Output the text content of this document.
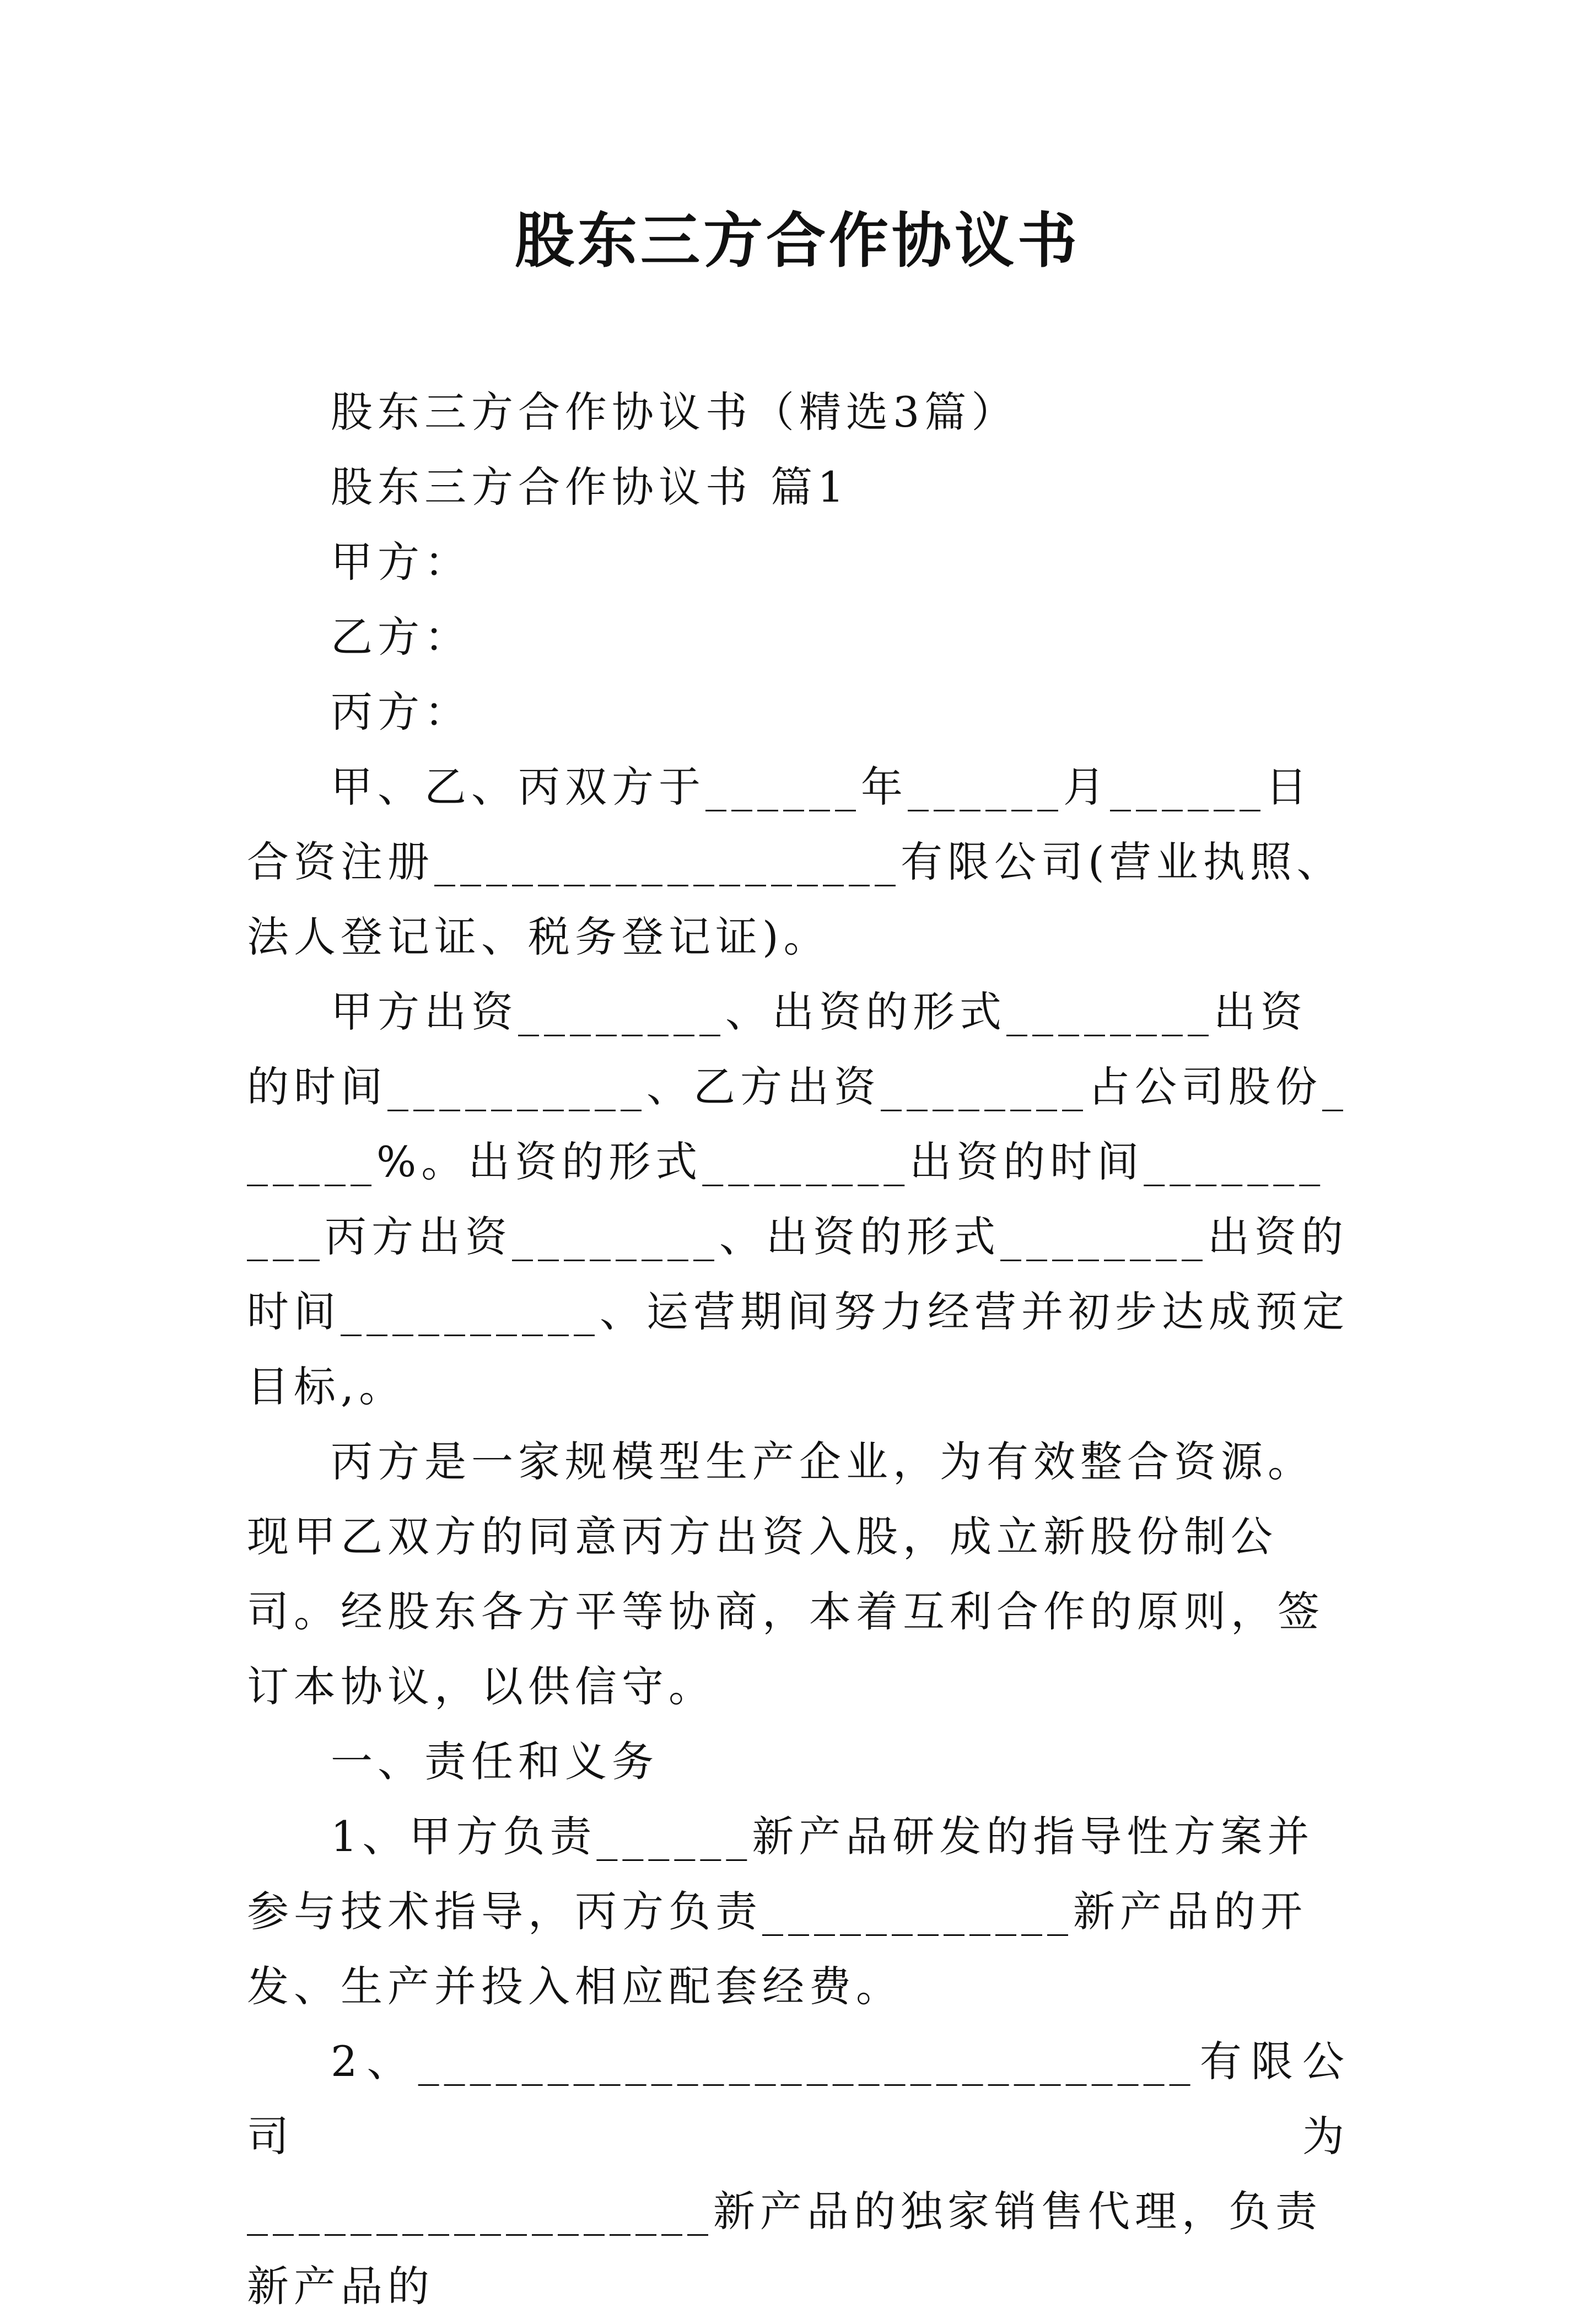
股东三方合作协议书

股东三方合作协议书（精选3篇）

股东三方合作协议书 篇1

甲方：

乙方：

丙方：

甲、乙、丙双方于______年______月______日合资注册__________________有限公司(营业执照、法人登记证、税务登记证)。

甲方出资________、出资的形式________出资的时间__________、乙方出资________占公司股份______%。出资的形式________出资的时间__________丙方出资________、出资的形式________出资的时间__________、运营期间努力经营并初步达成预定目标,。

丙方是一家规模型生产企业，为有效整合资源。现甲乙双方的同意丙方出资入股，成立新股份制公司。经股东各方平等协商，本着互利合作的原则，签订本协议，以供信守。

一、责任和义务

1、甲方负责______新产品研发的指导性方案并参与技术指导，丙方负责____________新产品的开发、生产并投入相应配套经费。

2、______________________________有限公司为

__________________新产品的独家销售代理，负责新产品的
